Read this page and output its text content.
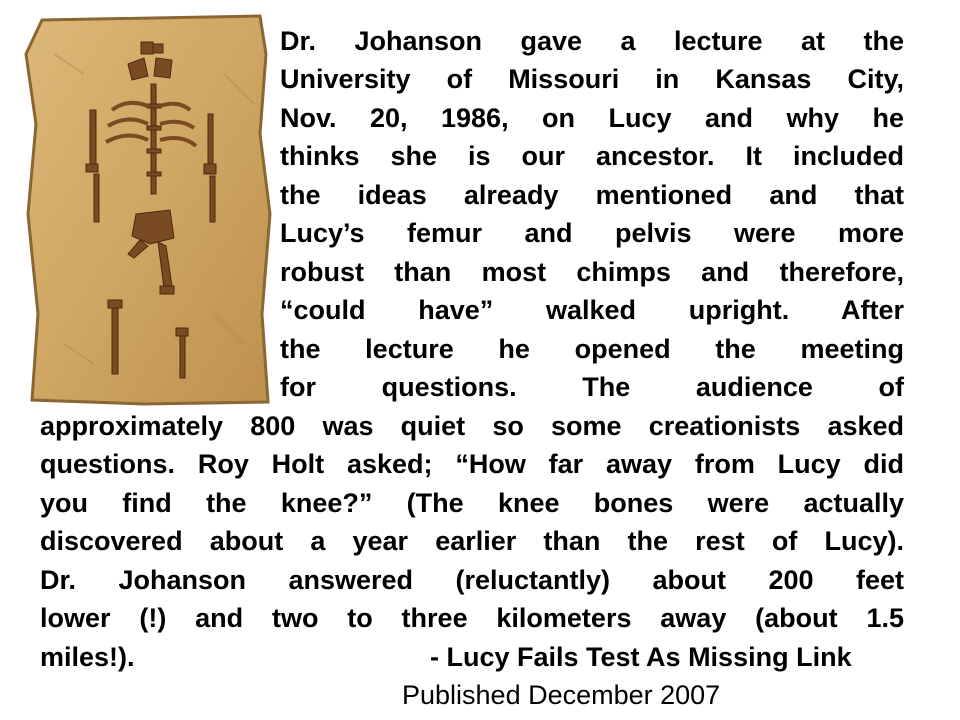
Dr. Johanson gave a lecture at the
University of Missouri in Kansas City,
Nov. 20, 1986, on Lucy and why he
thinks she is our ancestor. It included
the ideas already mentioned and that
Lucy’s femur and pelvis were more
robust than most chimps and therefore,
“could have” walked upright. After
the lecture he opened the meeting
for questions. The audience of
approximately 800 was quiet so some creationists asked
questions. Roy Holt asked; “How far away from Lucy did
you find the knee?” (The knee bones were actually
discovered about a year earlier than the rest of Lucy).
Dr. Johanson answered (reluctantly) about 200 feet
lower (!) and two to three kilometers away (about 1.5
miles!).	- Lucy Fails Test As Missing Link
Published December 2007
